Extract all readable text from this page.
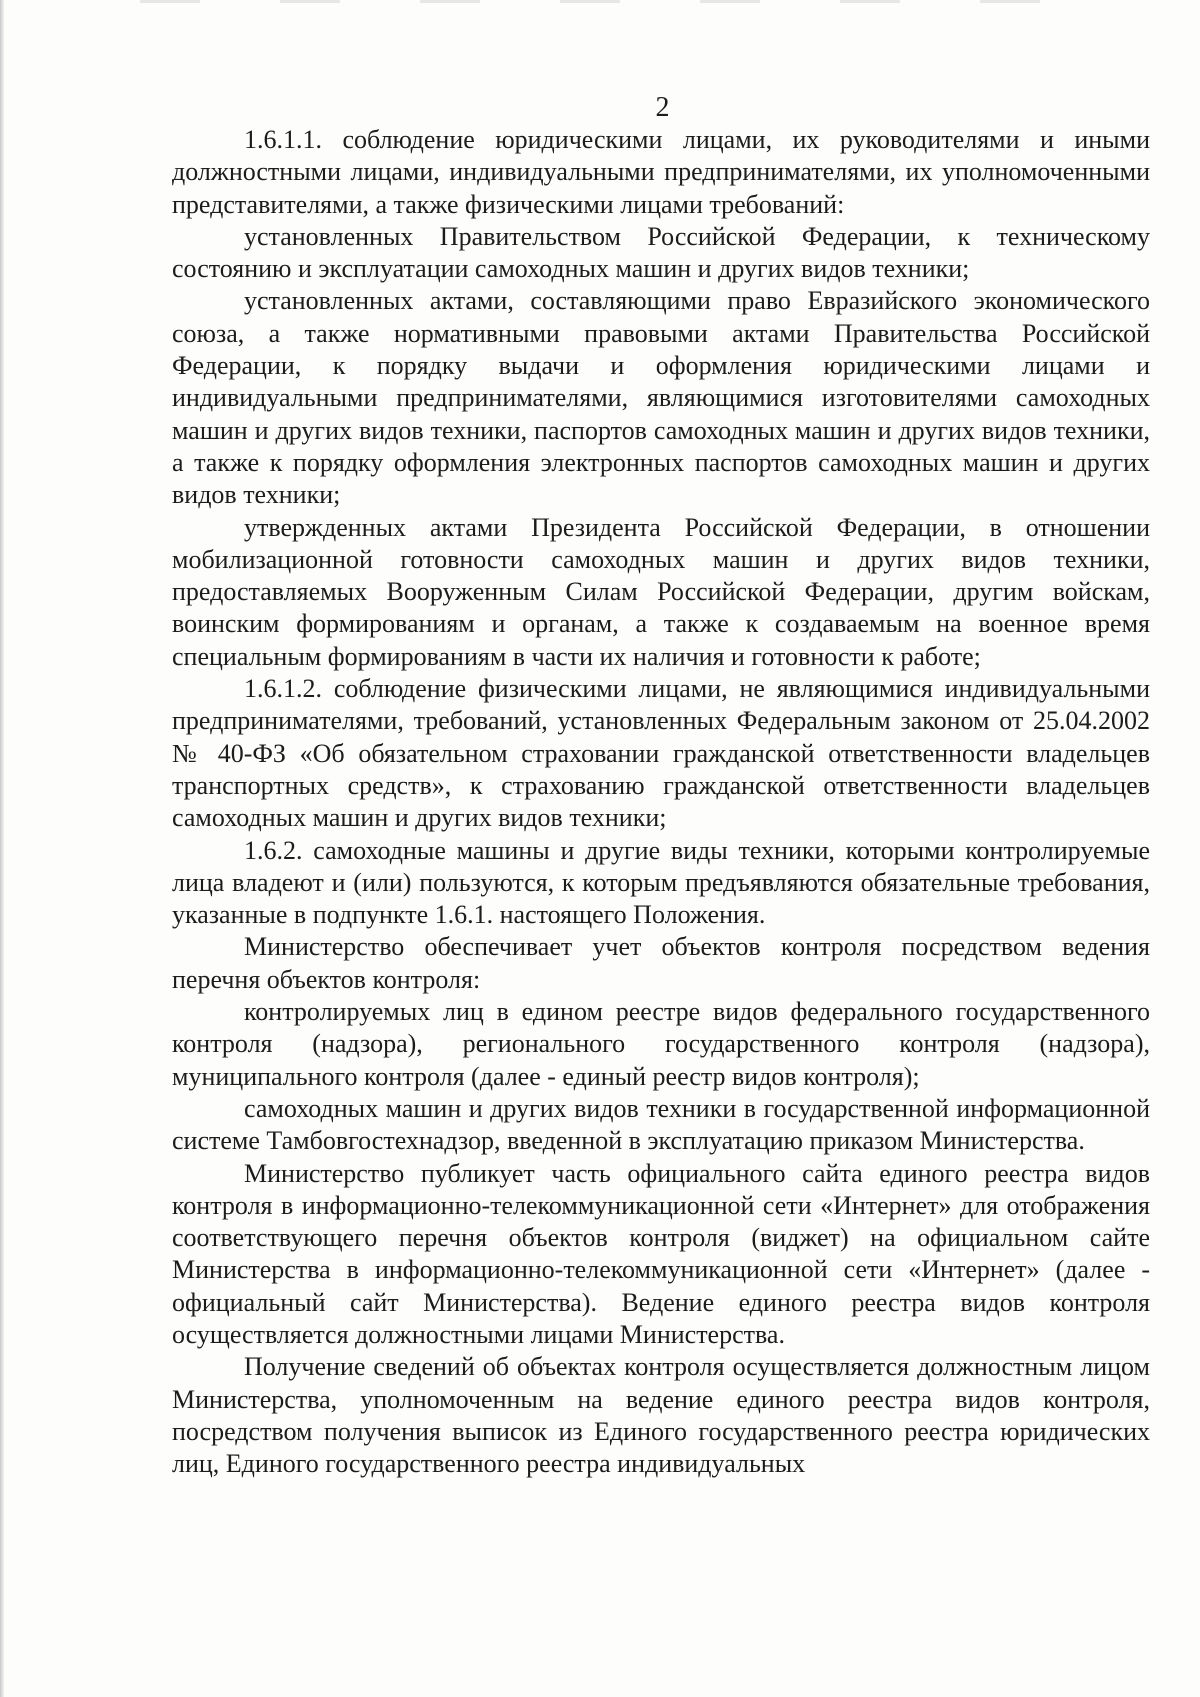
2

1.6.1.1. соблюдение юридическими лицами, их руководителями и иными должностными лицами, индивидуальными предпринимателями, их уполномоченными представителями, а также физическими лицами требований:

установленных Правительством Российской Федерации, к техническому состоянию и эксплуатации самоходных машин и других видов техники;

установленных актами, составляющими право Евразийского экономического союза, а также нормативными правовыми актами Правительства Российской Федерации, к порядку выдачи и оформления юридическими лицами и индивидуальными предпринимателями, являющимися изготовителями самоходных машин и других видов техники, паспортов самоходных машин и других видов техники, а также к порядку оформления электронных паспортов самоходных машин и других видов техники;

утвержденных актами Президента Российской Федерации, в отношении мобилизационной готовности самоходных машин и других видов техники, предоставляемых Вооруженным Силам Российской Федерации, другим войскам, воинским формированиям и органам, а также к создаваемым на военное время специальным формированиям в части их наличия и готовности к работе;

1.6.1.2. соблюдение физическими лицами, не являющимися индивидуальными предпринимателями, требований, установленных Федеральным законом от 25.04.2002 № 40-ФЗ «Об обязательном страховании гражданской ответственности владельцев транспортных средств», к страхованию гражданской ответственности владельцев самоходных машин и других видов техники;

1.6.2. самоходные машины и другие виды техники, которыми контролируемые лица владеют и (или) пользуются, к которым предъявляются обязательные требования, указанные в подпункте 1.6.1. настоящего Положения.

Министерство обеспечивает учет объектов контроля посредством ведения перечня объектов контроля:

контролируемых лиц в едином реестре видов федерального государственного контроля (надзора), регионального государственного контроля (надзора), муниципального контроля (далее - единый реестр видов контроля);

самоходных машин и других видов техники в государственной информационной системе Тамбовгостехнадзор, введенной в эксплуатацию приказом Министерства.

Министерство публикует часть официального сайта единого реестра видов контроля в информационно-телекоммуникационной сети «Интернет» для отображения соответствующего перечня объектов контроля (виджет) на официальном сайте Министерства в информационно-телекоммуникационной сети «Интернет» (далее - официальный сайт Министерства). Ведение единого реестра видов контроля осуществляется должностными лицами Министерства.

Получение сведений об объектах контроля осуществляется должностным лицом Министерства, уполномоченным на ведение единого реестра видов контроля, посредством получения выписок из Единого государственного реестра юридических лиц, Единого государственного реестра индивидуальных
